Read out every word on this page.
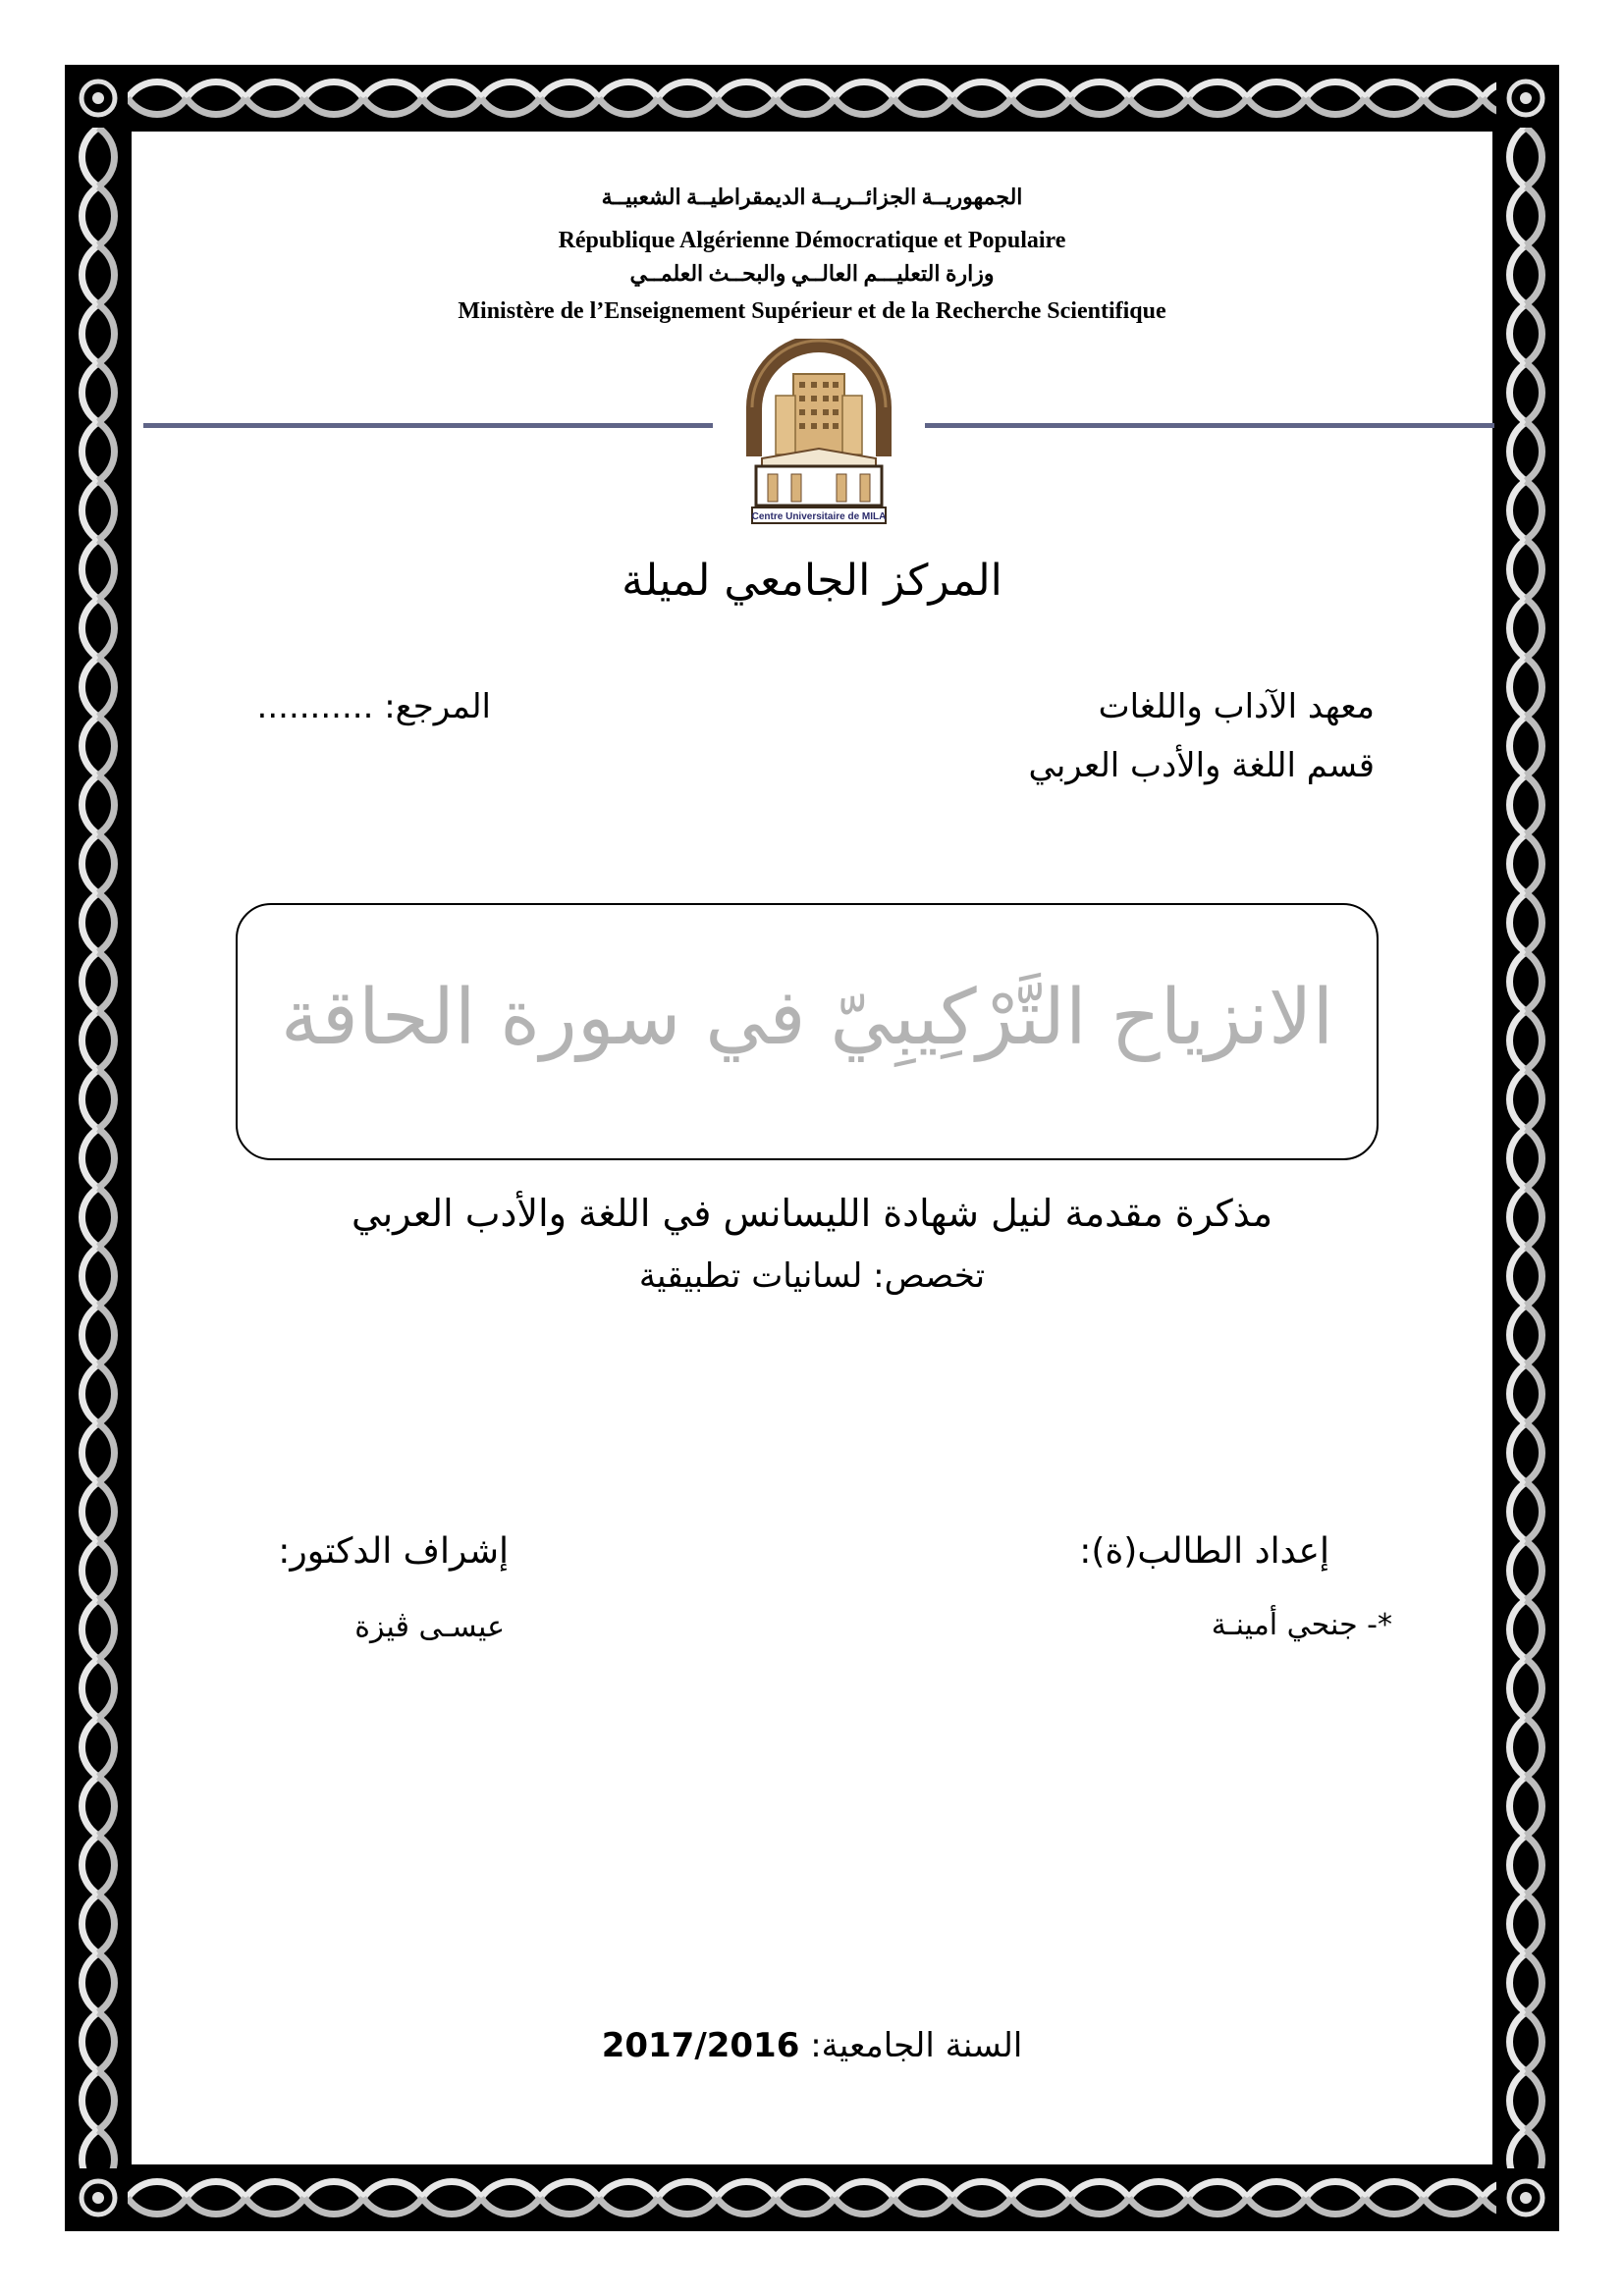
الجمهوريــة الجزائــريــة الديمقراطيــة الشعبيــة
République Algérienne Démocratique et Populaire
وزارة التعليـــم العالــي والبحــث العلمــي
Ministère de l’Enseignement Supérieur et de la Recherche Scientifique
Centre Universitaire de MILA
المركز الجامعي لميلة
معهد الآداب واللغات
قسم اللغة والأدب العربي
المرجع: ...........
الانزياح التَّرْكِيبِيّ في سورة الحاقة
مذكرة مقدمة لنيل شهادة الليسانس في اللغة والأدب العربي
تخصص: لسانيات تطبيقية
إعداد الطالب(ة):
*- جنحي أمينـة
إشراف الدكتور:
عيسـى ڤيزة
السنة الجامعية: 2017/2016
